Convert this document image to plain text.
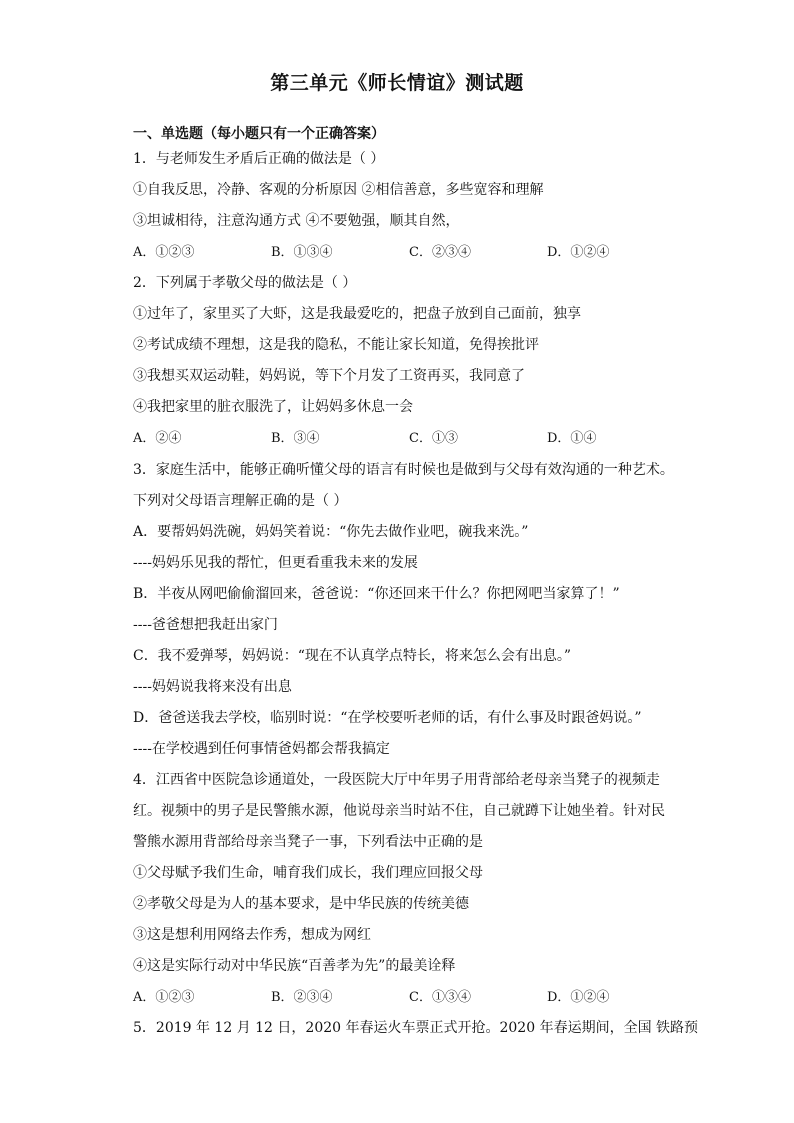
第三单元《师长情谊》测试题
一、单选题（每小题只有一个正确答案）
1．与老师发生矛盾后正确的做法是（ ）
①自我反思，冷静、客观的分析原因 ②相信善意，多些宽容和理解
③坦诚相待，注意沟通方式 ④不要勉强，顺其自然，
A．①②③	B．①③④	C．②③④	D．①②④
2．下列属于孝敬父母的做法是（ ）
①过年了，家里买了大虾，这是我最爱吃的，把盘子放到自己面前，独享
②考试成绩不理想，这是我的隐私，不能让家长知道，免得挨批评
③我想买双运动鞋，妈妈说，等下个月发了工资再买，我同意了
④我把家里的脏衣服洗了，让妈妈多休息一会
A．②④	B．③④	C．①③	D．①④
3．家庭生活中，能够正确听懂父母的语言有时候也是做到与父母有效沟通的一种艺术。
下列对父母语言理解正确的是（ ）
A．要帮妈妈洗碗，妈妈笑着说：“你先去做作业吧，碗我来洗。”
----妈妈乐见我的帮忙，但更看重我未来的发展
B．半夜从网吧偷偷溜回来，爸爸说：“你还回来干什么？你把网吧当家算了！”
----爸爸想把我赶出家门
C．我不爱弹琴，妈妈说：“现在不认真学点特长，将来怎么会有出息。”
----妈妈说我将来没有出息
D．爸爸送我去学校，临别时说：“在学校要听老师的话，有什么事及时跟爸妈说。”
----在学校遇到任何事情爸妈都会帮我搞定
4．江西省中医院急诊通道处，一段医院大厅中年男子用背部给老母亲当凳子的视频走
红。视频中的男子是民警熊水源，他说母亲当时站不住，自己就蹲下让她坐着。针对民
警熊水源用背部给母亲当凳子一事，下列看法中正确的是
①父母赋予我们生命，哺育我们成长，我们理应回报父母
②孝敬父母是为人的基本要求，是中华民族的传统美德
③这是想利用网络去作秀，想成为网红
④这是实际行动对中华民族“百善孝为先”的最美诠释
A．①②③	B．②③④	C．①③④	D．①②④
5．2019 年 12 月 12 日，2020 年春运火车票正式开抢。2020 年春运期间，全国 铁路预
